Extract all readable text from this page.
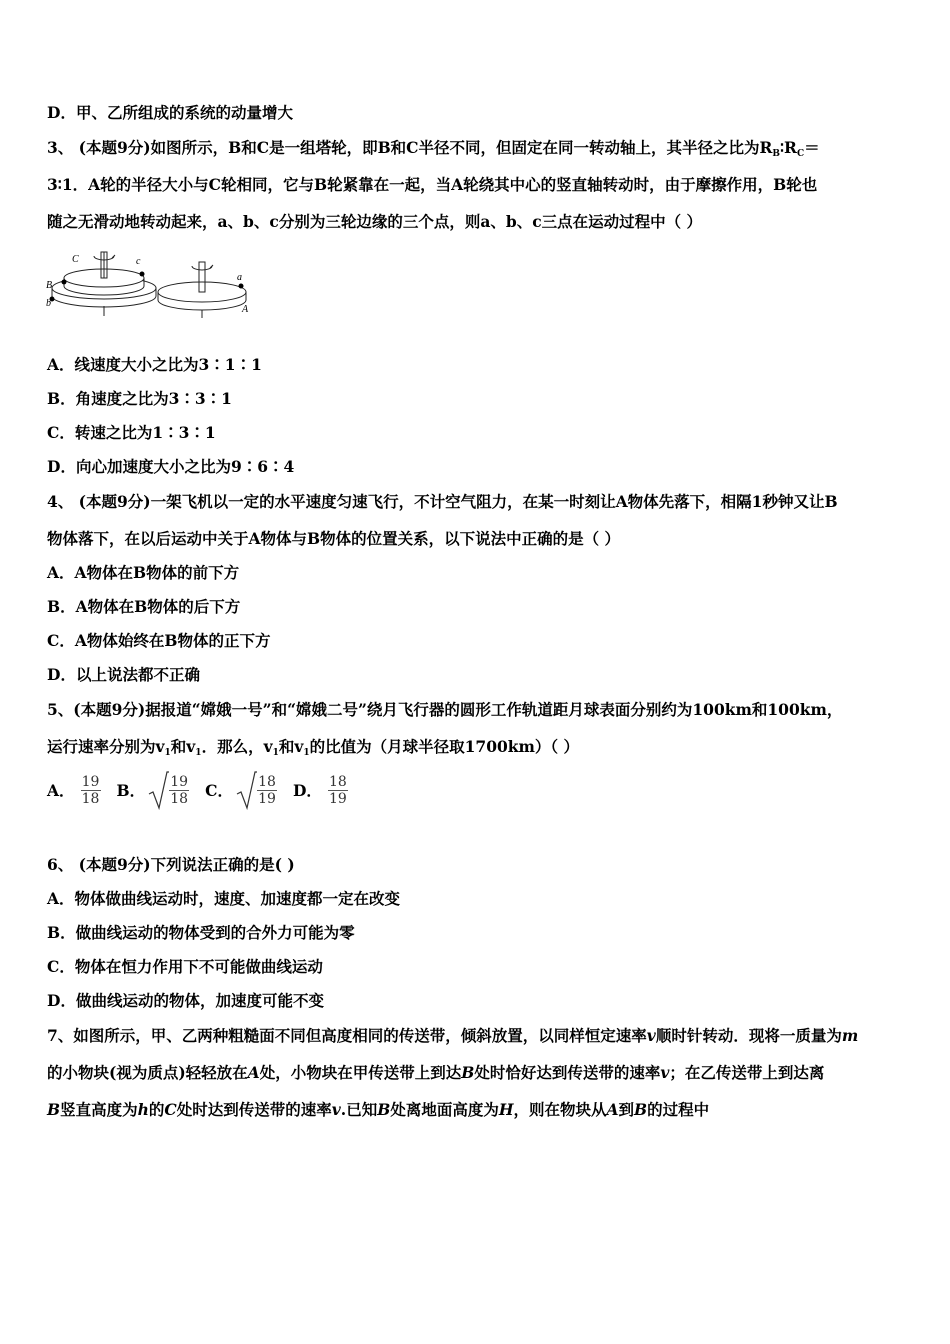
D．甲、乙所组成的系统的动量增大
3、 (本题9分)如图所示，B和C是一组塔轮，即B和C半径不同，但固定在同一转动轴上，其半径之比为$R_B∶R_C=$
3∶1．A轮的半径大小与C轮相同，它与B轮紧靠在一起，当A轮绕其中心的竖直轴转动时，由于摩擦作用，B轮也
随之无滑动地转动起来，a、b、c分别为三轮边缘的三个点，则a、b、c三点在运动过程中（ ）
C	c
B
b
a
A
A．线速度大小之比为3∶1∶1
B．角速度之比为3∶3∶1
C．转速之比为1∶3∶1
D．向心加速度大小之比为9∶6∶4
4、 (本题9分)一架飞机以一定的水平速度匀速飞行，不计空气阻力，在某一时刻让A物体先落下，相隔1秒钟又让B
物体落下，在以后运动中关于A物体与B物体的位置关系，以下说法中正确的是（ ）
A．A物体在B物体的前下方
B．A物体在B物体的后下方
C．A物体始终在B物体的正下方
D．以上说法都不正确
5、(本题9分)据报道“嫦娥一号”和“嫦娥二号”绕月飞行器的圆形工作轨道距月球表面分别约为100km和100km，
运行速率分别为$v_1$和$v_1$．那么，$v_1$和$v_1$的比值为（月球半径取1700km）（ ）
A． $\frac{19}{18}$ B． $\frac{19}{18}$ C． $\frac{18}{19}$ D． $\frac{18}{19}$
6、 (本题9分)下列说法正确的是( )
A．物体做曲线运动时，速度、加速度都一定在改变
B．做曲线运动的物体受到的合外力可能为零
C．物体在恒力作用下不可能做曲线运动
D．做曲线运动的物体，加速度可能不变
7、如图所示，甲、乙两种粗糙面不同但高度相同的传送带，倾斜放置，以同样恒定速率v顺时针转动．现将一质量为m
的小物块(视为质点)轻轻放在A处，小物块在甲传送带上到达B处时恰好达到传送带的速率v；在乙传送带上到达离
B竖直高度为h的C处时达到传送带的速率v.已知B处离地面高度为H，则在物块从A到B的过程中
